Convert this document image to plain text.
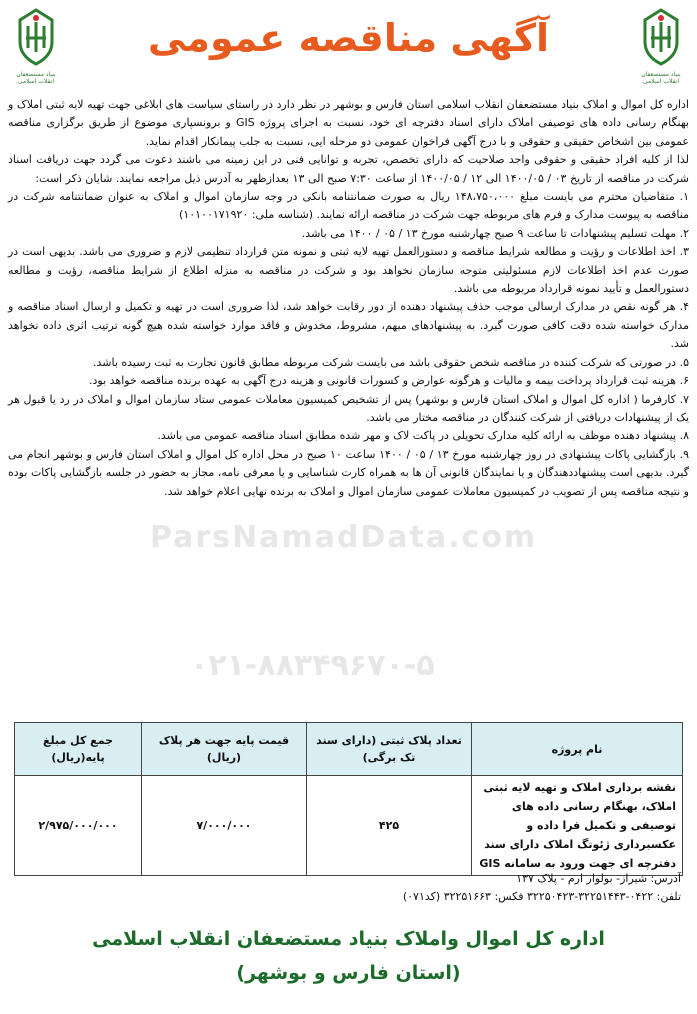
بنیاد مستضعفان انقلاب اسلامی
بنیاد مستضعفان انقلاب اسلامی
آگهی مناقصه عمومی

اداره کل اموال و املاک بنیاد مستضعفان انقلاب اسلامی استان فارس و بوشهر در نظر دارد در راستای سیاست های ابلاغی جهت تهیه لایه ثبتی املاک و بهنگام رسانی داده های توصیفی املاک دارای اسناد دفترچه ای خود، نسبت به اجرای پروژه GIS و برونسپاری موضوع از طریق برگزاری مناقصه عمومی بین اشخاص حقیقی و حقوقی و با درج آگهی فراخوان عمومی دو مرحله ایی، نسبت به جلب پیمانکار اقدام نماید.

لذا از کلیه افراد حقیقی و حقوقی واجد صلاحیت که دارای تخصص، تجربه و توانایی فنی در این زمینه می باشند دعوت می گردد جهت دریافت اسناد شرکت در مناقصه از تاریخ ۰۳ / ۱۴۰۰/۰۵ الی ۱۲ / ۱۴۰۰/۰۵ از ساعت ۷:۳۰ صبح الی ۱۳ بعدازظهر به آدرس ذیل مراجعه نمایند. شایان ذکر است:

۱. متقاضیان محترم می بایست مبلغ ۱۴۸،۷۵۰،۰۰۰ ریال به صورت ضمانتنامه بانکی در وجه سازمان اموال و املاک به عنوان ضمانتنامه شرکت در مناقصه به پیوست مدارک و فرم های مربوطه جهت شرکت در مناقصه ارائه نمایند. (شناسه ملی: ۱۰۱۰۰۱۷۱۹۲۰)
۲. مهلت تسلیم پیشنهادات تا ساعت ۹ صبح چهارشنبه مورخ ۱۳ / ۰۵ / ۱۴۰۰ می باشد.
۳. اخذ اطلاعات و رؤیت و مطالعه شرایط مناقصه و دستورالعمل تهیه لایه ثبتی و نمونه متن قرارداد تنظیمی لازم و ضروری می باشد. بدیهی است در صورت عدم اخذ اطلاعات لازم مسئولیتی متوجه سازمان نخواهد بود و شرکت در مناقصه به منزله اطلاع از شرایط مناقصه، رؤیت و مطالعه دستورالعمل و تأیید نمونه قرارداد مربوطه می باشد.
۴. هر گونه نقص در مدارک ارسالی موجب حذف پیشنهاد دهنده از دور رقابت خواهد شد، لذا ضروری است در تهیه و تکمیل و ارسال اسناد مناقصه و مدارک خواسته شده دقت کافی صورت گیرد. به پیشنهادهای مبهم، مشروط، مخدوش و فاقد موارد خواسته شده هیچ گونه ترتیب اثری داده نخواهد شد.
۵. در صورتی که شرکت کننده در مناقصه شخص حقوقی باشد می بایست شرکت مربوطه مطابق قانون تجارت به ثبت رسیده باشد.
۶. هزینه ثبت قرارداد پرداخت بیمه و مالیات و هرگونه عوارض و کسورات قانونی و هزینه درج آگهی به عهده برنده مناقصه خواهد بود.
۷. کارفرما ( اداره کل اموال و املاک استان فارس و بوشهر) پس از تشخیص کمیسیون معاملات عمومی ستاد سازمان اموال و املاک در رد یا قبول هر یک از پیشنهادات دریافتی از شرکت کنندگان در مناقصه مختار می باشد.
۸. پیشنهاد دهنده موظف به ارائه کلیه مدارک تحویلی در پاکت لاک و مهر شده مطابق اسناد مناقصه عمومی می باشد.
۹. بازگشایی پاکات پیشنهادی در روز چهارشنبه مورخ ۱۳ / ۰۵ / ۱۴۰۰ ساعت ۱۰ صبح در محل اداره کل اموال و املاک استان فارس و بوشهر انجام می گیرد. بدیهی است پیشنهاددهندگان و یا نمایندگان قانونی آن ها به همراه کارت شناسایی و یا معرفی نامه، مجاز به حضور در جلسه بازگشایی پاکات بوده و نتیجه مناقصه پس از تصویب در کمیسیون معاملات عمومی سازمان اموال و املاک به برنده نهایی اعلام خواهد شد.
ParsNamadData.com
۰۲۱-۸۸۳۴۹۶۷۰-۵
نام پروژه	تعداد پلاک ثبتی (دارای سند تک برگی)	قیمت پایه جهت هر پلاک (ریال)	جمع کل مبلغ پایه(ریال)
نقشه برداری املاک و تهیه لایه ثبتی املاک، بهنگام رسانی داده های توصیفی و تکمیل فرا داده و عکسبرداری ژئوتگ املاک دارای سند دفترچه ای جهت ورود به سامانه GIS	۴۲۵	۷/۰۰۰/۰۰۰	۲/۹۷۵/۰۰۰/۰۰۰
آدرس: شیراز- بولوار ارم - پلاک ۱۳۷
تلفن: ۰۴۲۲-۳۲۲۵۱۴۴۳-۳۲۲۵۰۴۲۳ فکس: ۳۲۲۵۱۶۶۳ (کد۰۷۱)
اداره کل اموال واملاک بنیاد مستضعفان انقلاب اسلامی
(استان فارس و بوشهر)
